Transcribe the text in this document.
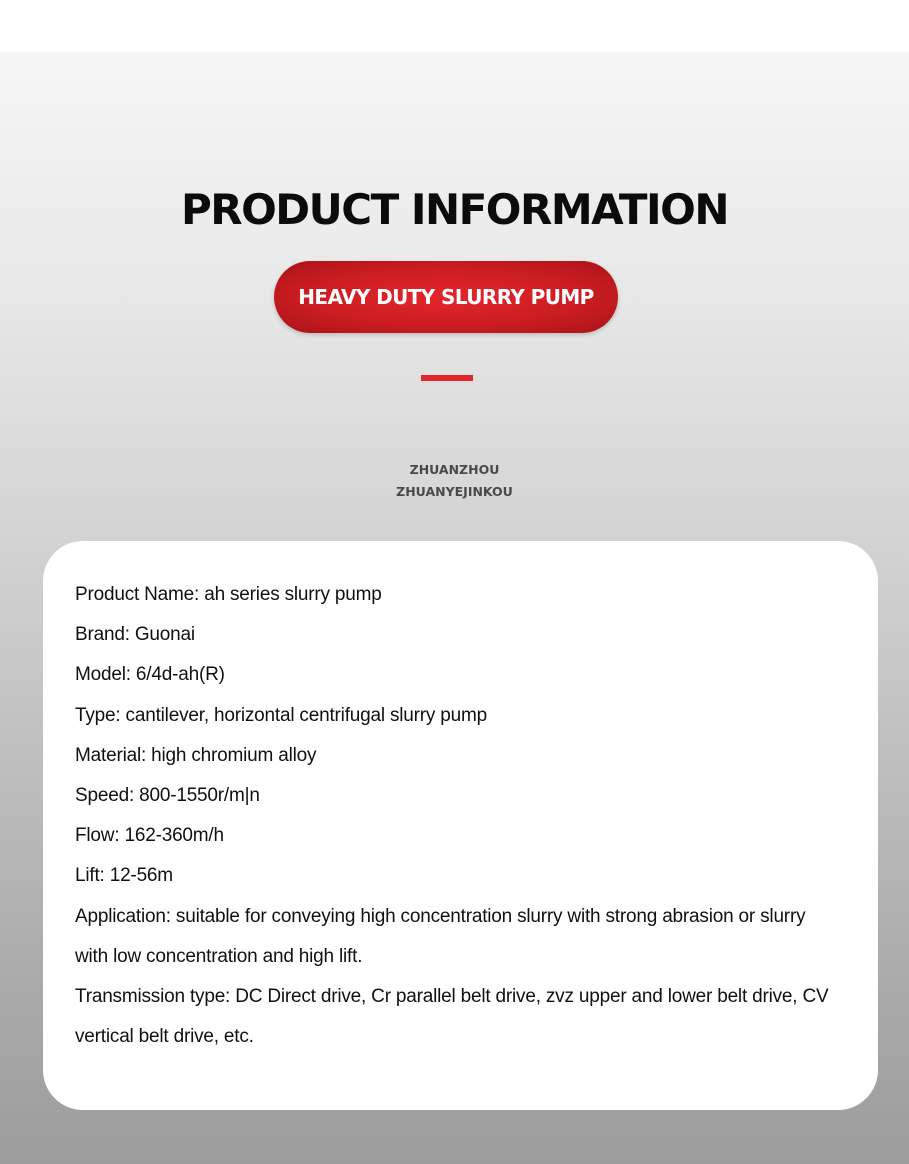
PRODUCT INFORMATION
HEAVY DUTY SLURRY PUMP
ZHUANZHOU
ZHUANYEJINKOU
Product Name: ah series slurry pump
Brand: Guonai
Model: 6/4d-ah(R)
Type: cantilever, horizontal centrifugal slurry pump
Material: high chromium alloy
Speed: 800-1550r/m|n
Flow: 162-360m/h
Lift: 12-56m
Application: suitable for conveying high concentration slurry with strong abrasion or slurry with low concentration and high lift.
Transmission type: DC Direct drive, Cr parallel belt drive, zvz upper and lower belt drive, CV vertical belt drive, etc.
